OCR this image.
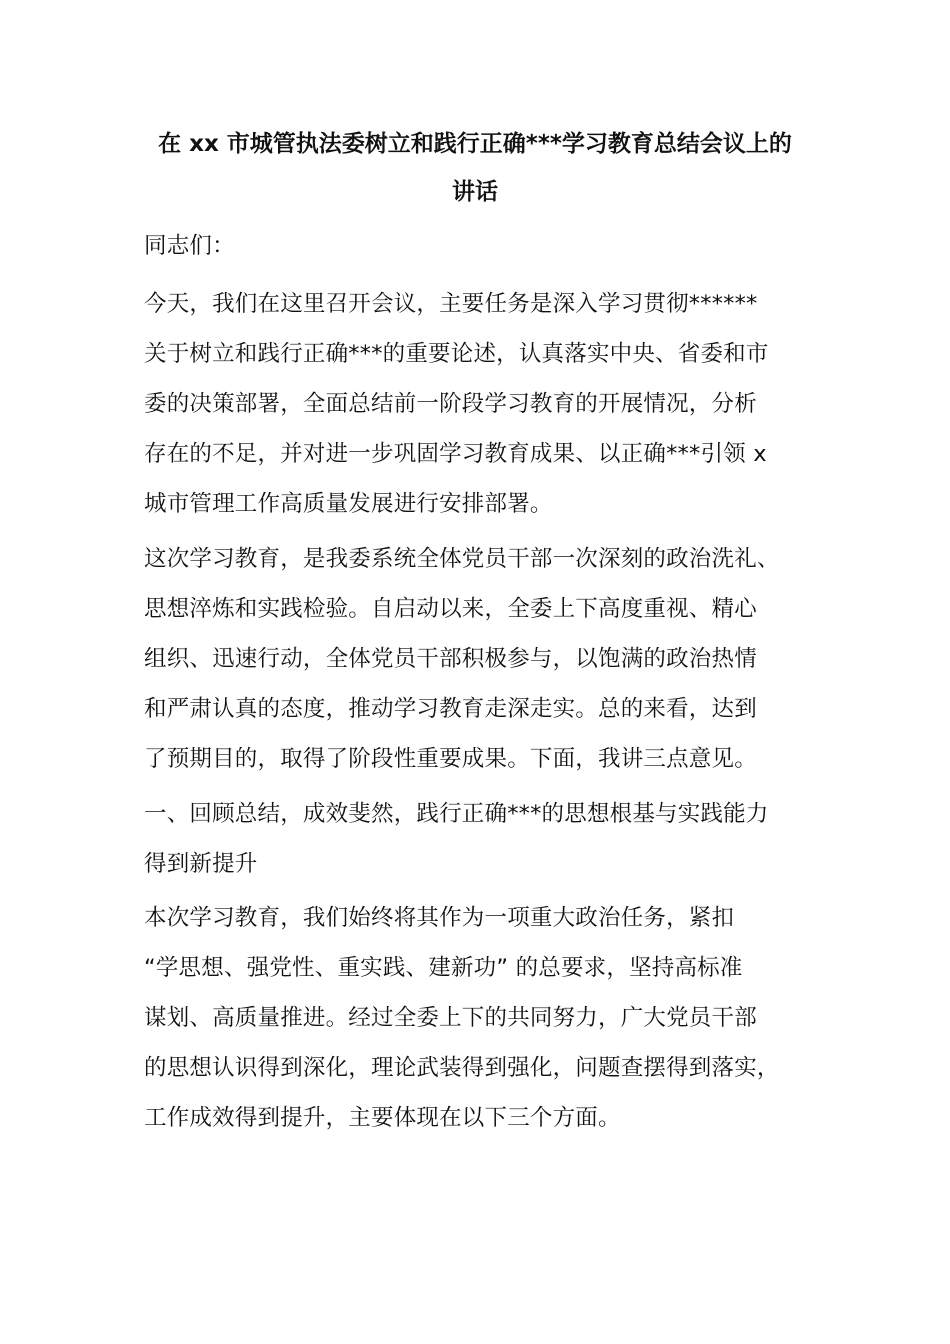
在 xx 市城管执法委树立和践行正确***学习教育总结会议上的
讲话

同志们：

今天，我们在这里召开会议，主要任务是深入学习贯彻******
关于树立和践行正确***的重要论述，认真落实中央、省委和市
委的决策部署，全面总结前一阶段学习教育的开展情况，分析
存在的不足，并对进一步巩固学习教育成果、以正确***引领 x
城市管理工作高质量发展进行安排部署。

这次学习教育，是我委系统全体党员干部一次深刻的政治洗礼、
思想淬炼和实践检验。自启动以来，全委上下高度重视、精心
组织、迅速行动，全体党员干部积极参与，以饱满的政治热情
和严肃认真的态度，推动学习教育走深走实。总的来看，达到
了预期目的，取得了阶段性重要成果。下面，我讲三点意见。

一、回顾总结，成效斐然，践行正确***的思想根基与实践能力
得到新提升

本次学习教育，我们始终将其作为一项重大政治任务，紧扣
“学思想、强党性、重实践、建新功” 的总要求，坚持高标准
谋划、高质量推进。经过全委上下的共同努力，广大党员干部
的思想认识得到深化，理论武装得到强化，问题查摆得到落实，
工作成效得到提升，主要体现在以下三个方面。
